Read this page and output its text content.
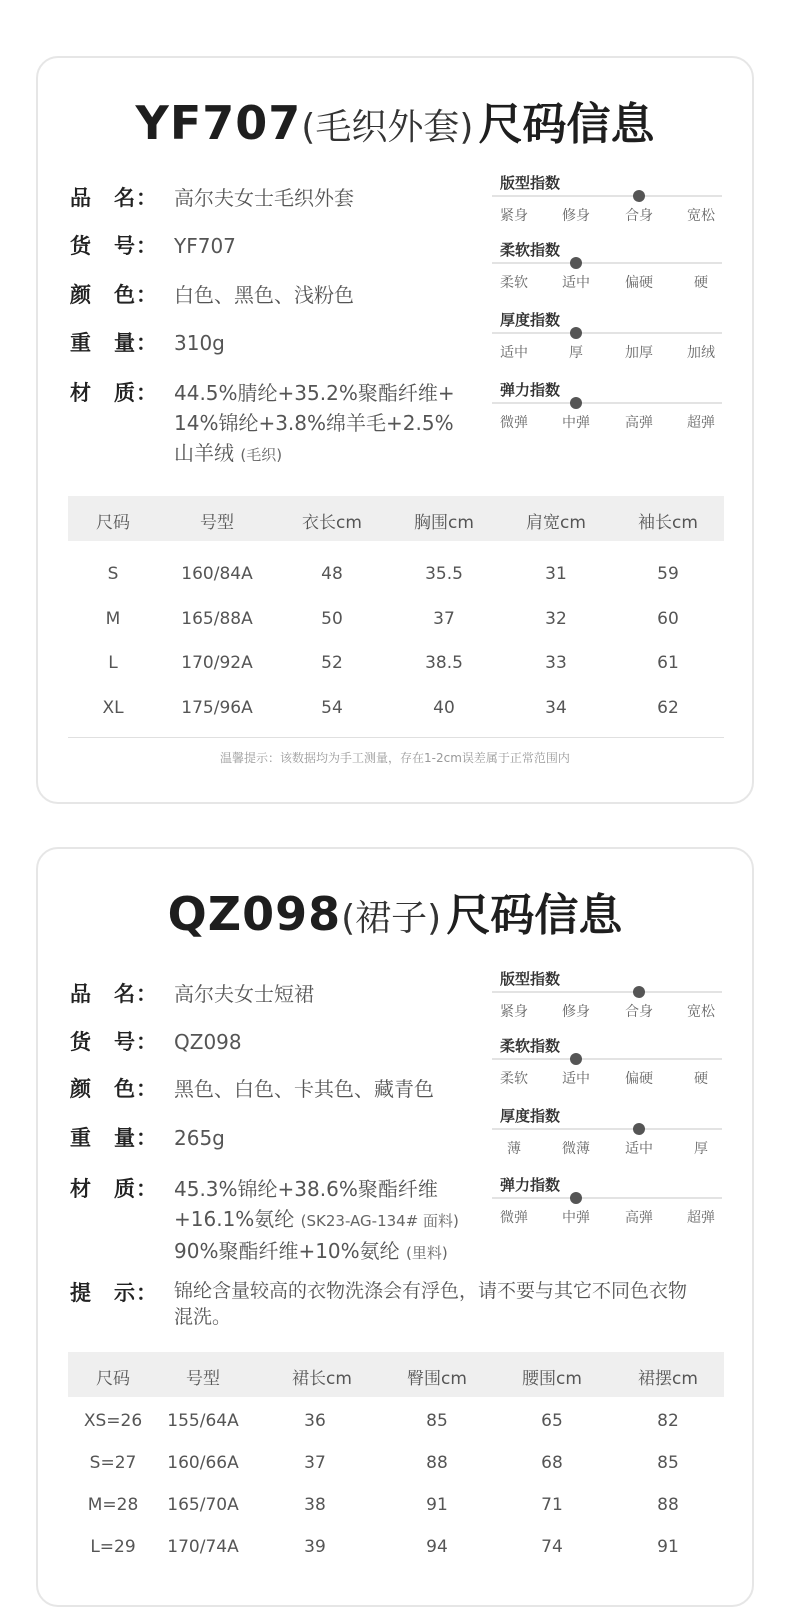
YF707(毛织外套) 尺码信息
品　名： 高尔夫女士毛织外套
货　号： YF707
颜　色： 白色、黑色、浅粉色
重　量： 310g
材　质： 44.5%腈纶+35.2%聚酯纤维+
14%锦纶+3.8%绵羊毛+2.5%
山羊绒 (毛织)
版型指数
紧身	修身	合身	宽松
柔软指数
柔软	适中	偏硬	硬
厚度指数
适中	厚	加厚	加绒
弹力指数
微弹	中弹	高弹	超弹
尺码	号型	衣长cm	胸围cm	肩宽cm	袖长cm
S	160/84A	48	35.5	31	59
M	165/88A	50	37	32	60
L	170/92A	52	38.5	33	61
XL	175/96A	54	40	34	62
温馨提示：该数据均为手工测量，存在1-2cm误差属于正常范围内
QZ098(裙子) 尺码信息
品　名： 高尔夫女士短裙
货　号： QZ098
颜　色： 黑色、白色、卡其色、藏青色
重　量： 265g
材　质： 45.3%锦纶+38.6%聚酯纤维
+16.1%氨纶 (SK23-AG-134# 面料)
90%聚酯纤维+10%氨纶 (里料)
提　示： 锦纶含量较高的衣物洗涤会有浮色，请不要与其它不同色衣物
混洗。
版型指数
紧身	修身	合身	宽松
柔软指数
柔软	适中	偏硬	硬
厚度指数
薄	微薄	适中	厚
弹力指数
微弹	中弹	高弹	超弹
尺码	号型	裙长cm	臀围cm	腰围cm	裙摆cm
XS=26	155/64A	36	85	65	82
S=27	160/66A	37	88	68	85
M=28	165/70A	38	91	71	88
L=29	170/74A	39	94	74	91
